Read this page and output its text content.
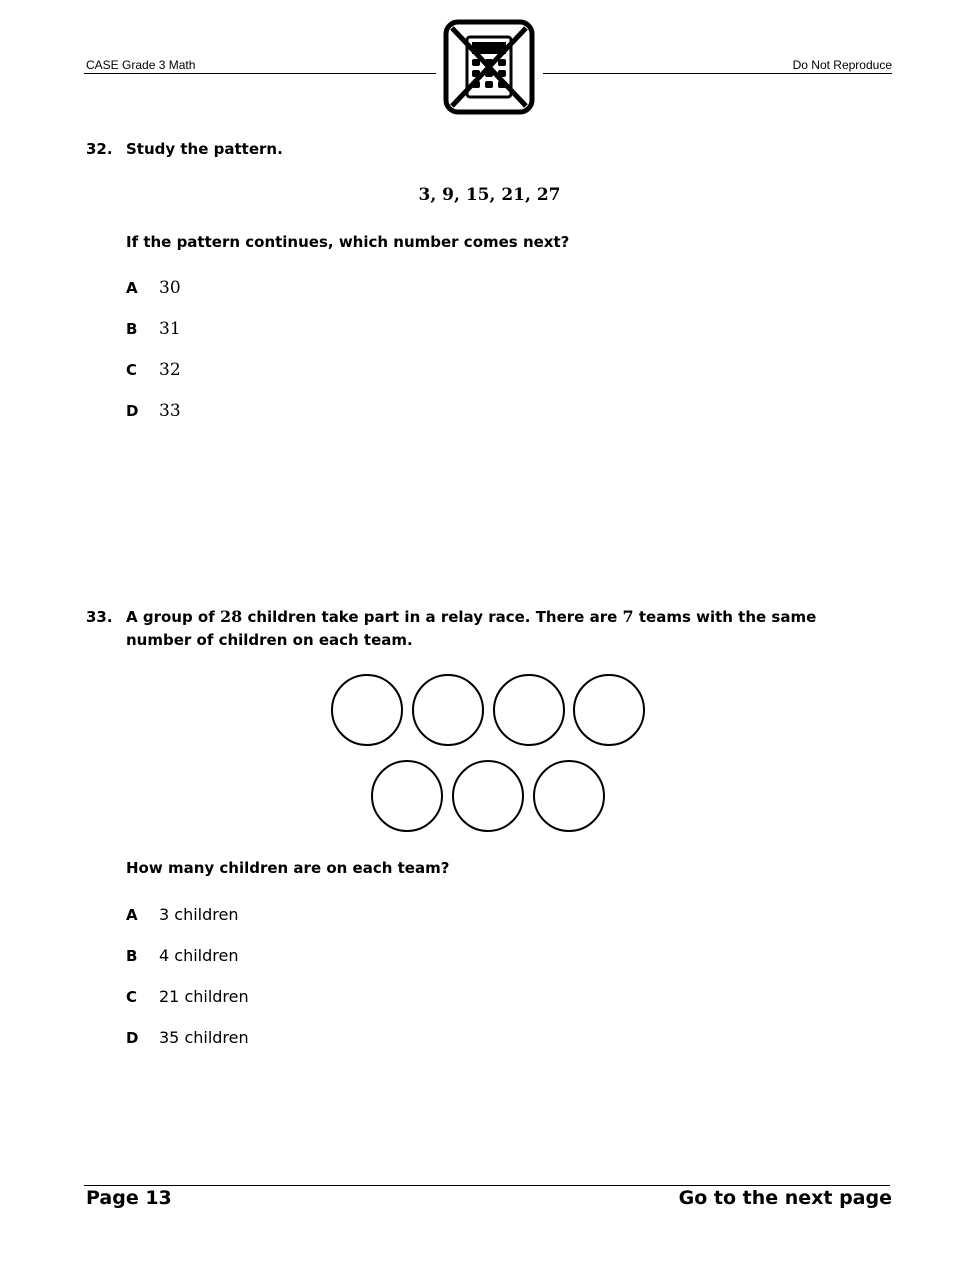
CASE Grade 3 Math	Do Not Reproduce
32. Study the pattern.
3, 9, 15, 21, 27
If the pattern continues, which number comes next?
A 30
B 31
C 32
D 33
33. A group of 28 children take part in a relay race. There are 7 teams with the same number of children on each team.
How many children are on each team?
A 3 children
B 4 children
C 21 children
D 35 children
Page 13	Go to the next page
